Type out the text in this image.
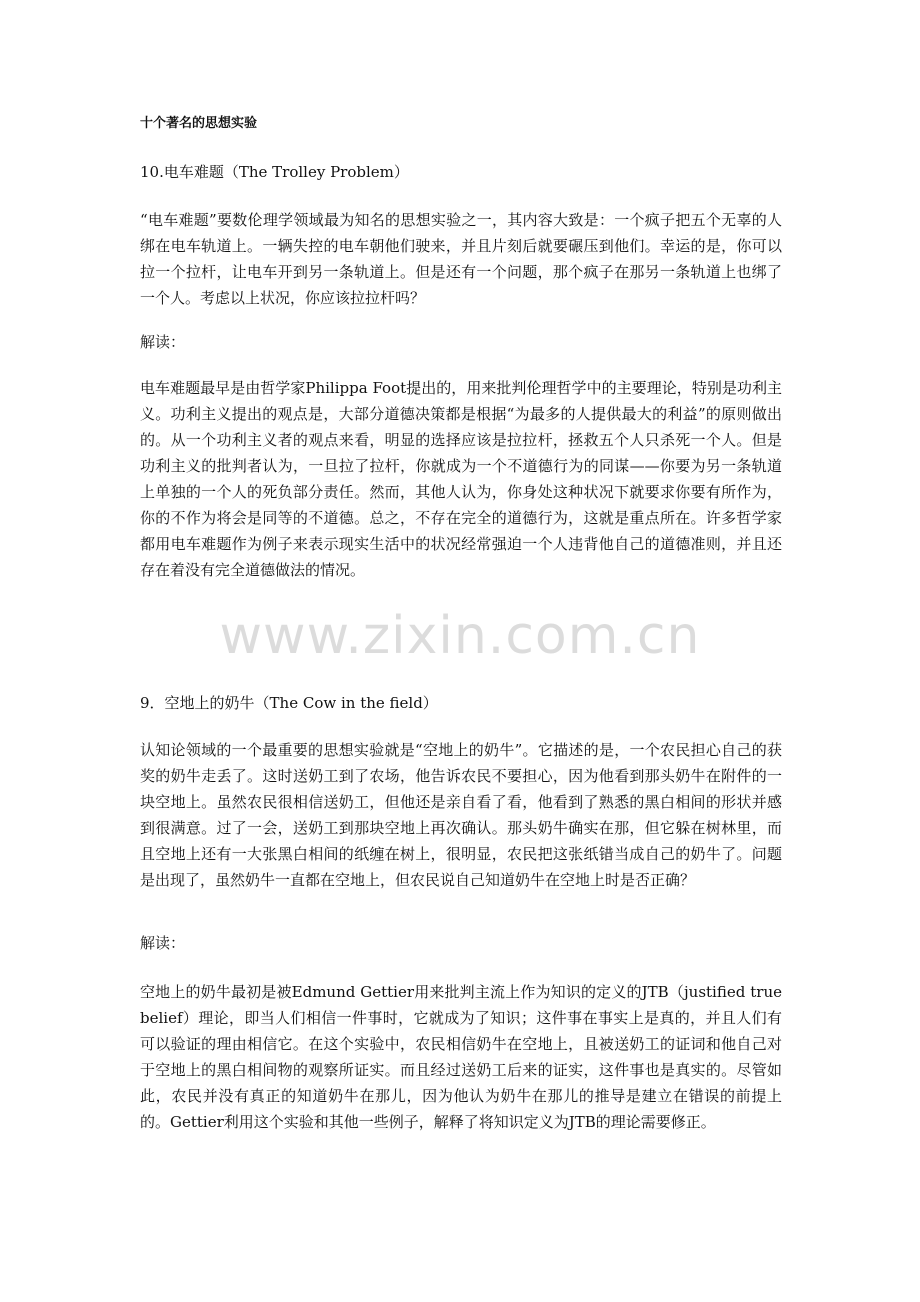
十个著名的思想实验
10.电车难题（The Trolley Problem）

“电车难题”要数伦理学领域最为知名的思想实验之一，其内容大致是：一个疯子把五个无辜的人绑在电车轨道上。一辆失控的电车朝他们驶来，并且片刻后就要碾压到他们。幸运的是，你可以拉一个拉杆，让电车开到另一条轨道上。但是还有一个问题，那个疯子在那另一条轨道上也绑了一个人。考虑以上状况，你应该拉拉杆吗？

解读：

电车难题最早是由哲学家Philippa Foot提出的，用来批判伦理哲学中的主要理论，特别是功利主义。功利主义提出的观点是，大部分道德决策都是根据“为最多的人提供最大的利益”的原则做出的。从一个功利主义者的观点来看，明显的选择应该是拉拉杆，拯救五个人只杀死一个人。但是功利主义的批判者认为，一旦拉了拉杆，你就成为一个不道德行为的同谋——你要为另一条轨道上单独的一个人的死负部分责任。然而，其他人认为，你身处这种状况下就要求你要有所作为，你的不作为将会是同等的不道德。总之，不存在完全的道德行为，这就是重点所在。许多哲学家都用电车难题作为例子来表示现实生活中的状况经常强迫一个人违背他自己的道德准则，并且还存在着没有完全道德做法的情况。

www.zixin.com.cn
9．空地上的奶牛（The Cow in the field）

认知论领域的一个最重要的思想实验就是“空地上的奶牛”。它描述的是，一个农民担心自己的获奖的奶牛走丢了。这时送奶工到了农场，他告诉农民不要担心，因为他看到那头奶牛在附件的一块空地上。虽然农民很相信送奶工，但他还是亲自看了看，他看到了熟悉的黑白相间的形状并感到很满意。过了一会，送奶工到那块空地上再次确认。那头奶牛确实在那，但它躲在树林里，而且空地上还有一大张黑白相间的纸缠在树上，很明显，农民把这张纸错当成自己的奶牛了。问题是出现了，虽然奶牛一直都在空地上，但农民说自己知道奶牛在空地上时是否正确？

解读：

空地上的奶牛最初是被Edmund Gettier用来批判主流上作为知识的定义的JTB（justified true belief）理论，即当人们相信一件事时，它就成为了知识；这件事在事实上是真的，并且人们有可以验证的理由相信它。在这个实验中，农民相信奶牛在空地上，且被送奶工的证词和他自己对于空地上的黑白相间物的观察所证实。而且经过送奶工后来的证实，这件事也是真实的。尽管如此，农民并没有真正的知道奶牛在那儿，因为他认为奶牛在那儿的推导是建立在错误的前提上的。Gettier利用这个实验和其他一些例子，解释了将知识定义为JTB的理论需要修正。
